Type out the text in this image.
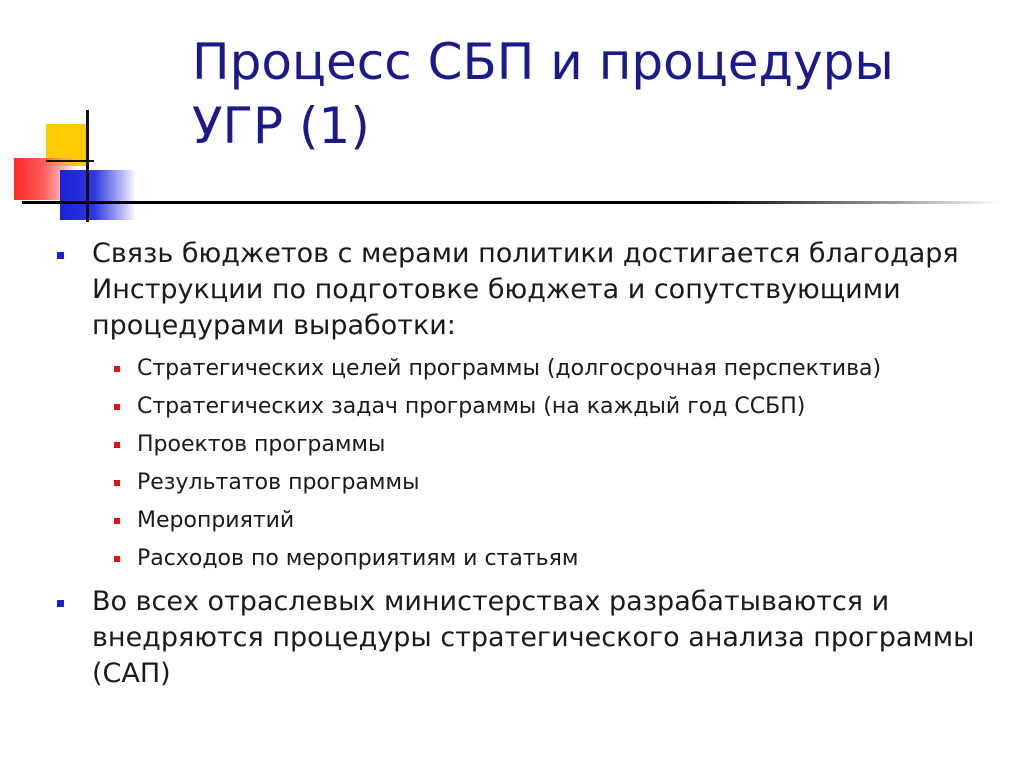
Процесс СБП и процедуры УГР (1)
Связь бюджетов с мерами политики достигается благодаря Инструкции по подготовке бюджета и сопутствующими процедурами выработки:
Стратегических целей программы (долгосрочная перспектива)
Стратегических задач программы (на каждый год ССБП)
Проектов программы
Результатов программы
Мероприятий
Расходов по мероприятиям и статьям
Во всех отраслевых министерствах разрабатываются и внедряются процедуры стратегического анализа программы (САП)
